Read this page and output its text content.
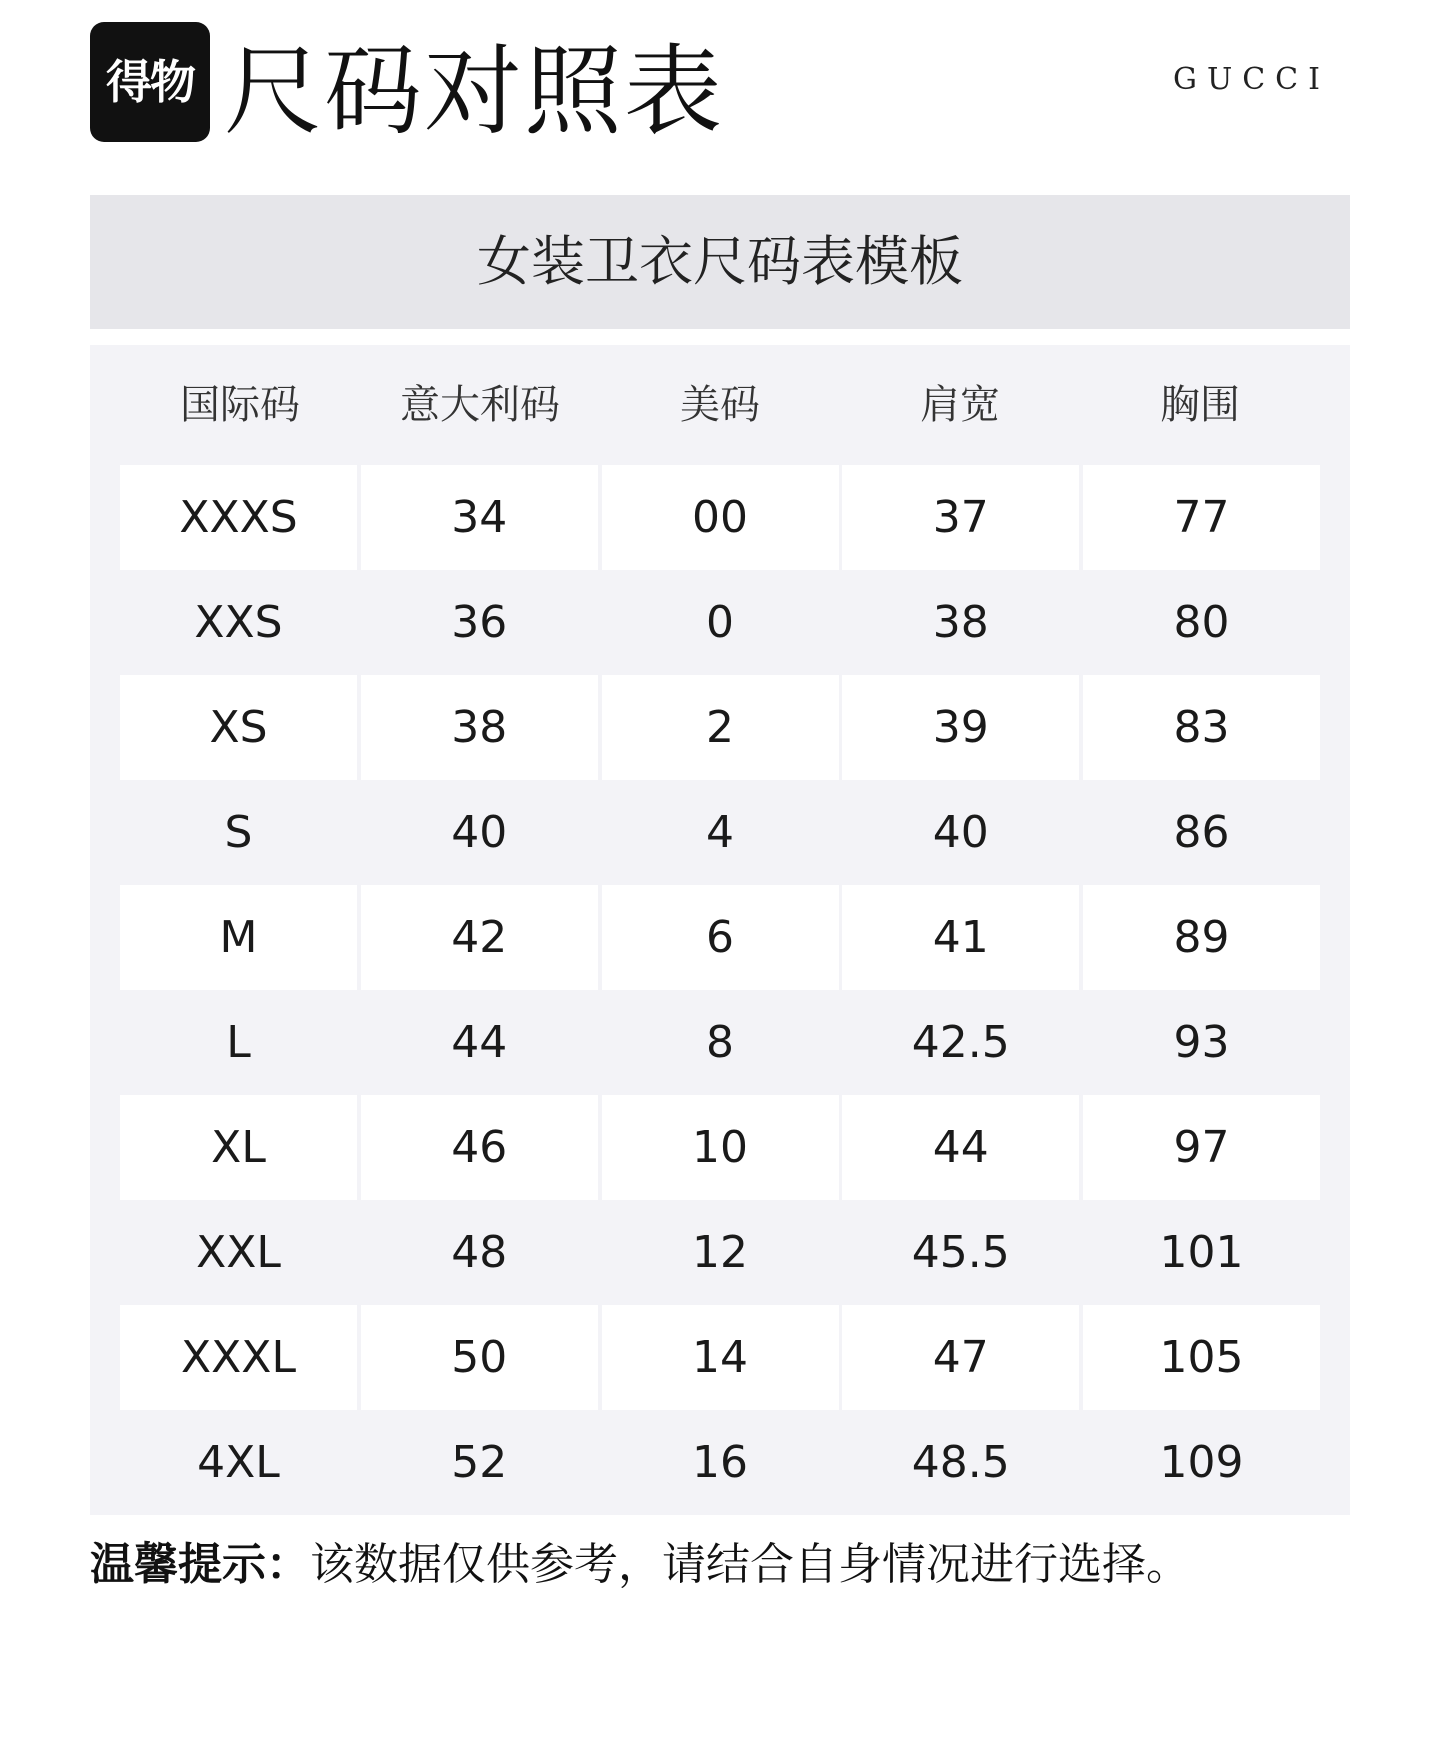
得物 尺码对照表	GUCCI
女装卫衣尺码表模板
国际码	意大利码	美码	肩宽	胸围
XXXS	34	00	37	77
XXS	36	0	38	80
XS	38	2	39	83
S	40	4	40	86
M	42	6	41	89
L	44	8	42.5	93
XL	46	10	44	97
XXL	48	12	45.5	101
XXXL	50	14	47	105
4XL	52	16	48.5	109
温馨提示：该数据仅供参考，请结合自身情况进行选择。
